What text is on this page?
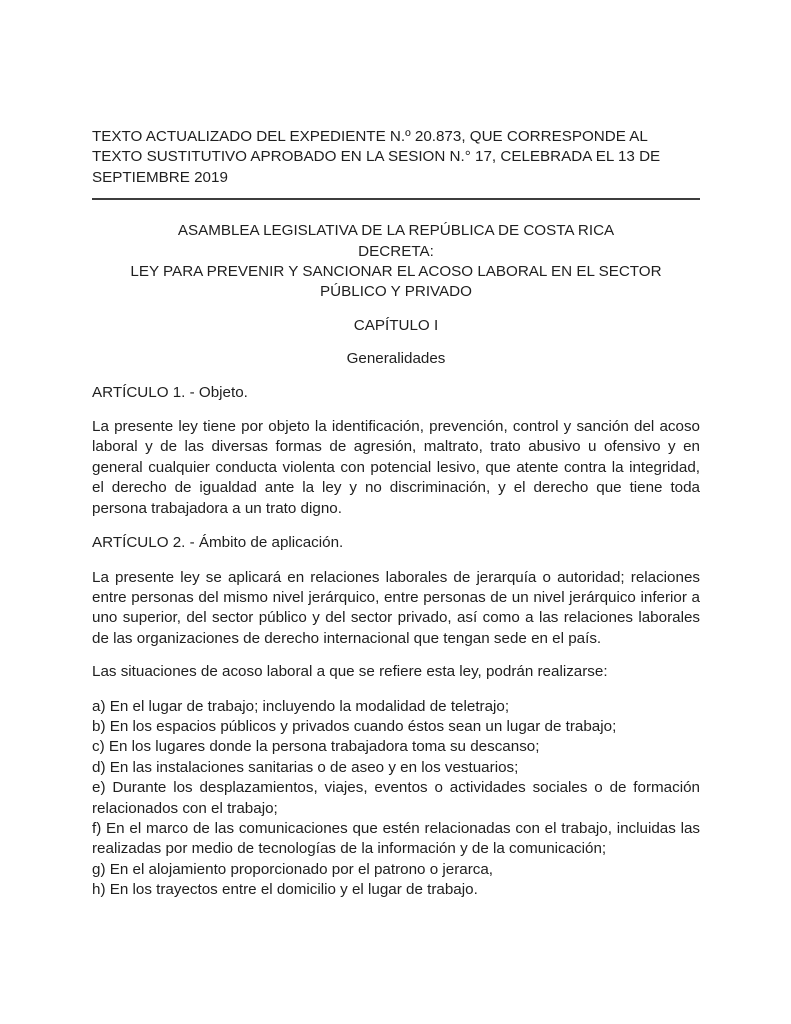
TEXTO ACTUALIZADO DEL EXPEDIENTE N.º 20.873, QUE CORRESPONDE AL

TEXTO SUSTITUTIVO APROBADO EN LA SESION N.° 17, CELEBRADA EL 13 DE

SEPTIEMBRE 2019

ASAMBLEA LEGISLATIVA DE LA REPÚBLICA DE COSTA RICA

DECRETA:

LEY PARA PREVENIR Y SANCIONAR EL ACOSO LABORAL EN EL SECTOR

PÚBLICO Y PRIVADO

CAPÍTULO I

Generalidades

ARTÍCULO 1. - Objeto.

La presente ley tiene por objeto la identificación, prevención, control y sanción del acoso laboral y de las diversas formas de agresión, maltrato, trato abusivo u ofensivo y en general cualquier conducta violenta con potencial lesivo, que atente contra la integridad, el derecho de igualdad ante la ley y no discriminación, y el derecho que tiene toda persona trabajadora a un trato digno.

ARTÍCULO 2. - Ámbito de aplicación.

La presente ley se aplicará en relaciones laborales de jerarquía o autoridad; relaciones entre personas del mismo nivel jerárquico, entre personas de un nivel jerárquico inferior a uno superior, del sector público y del sector privado, así como a las relaciones laborales de las organizaciones de derecho internacional que tengan sede en el país.

Las situaciones de acoso laboral a que se refiere esta ley, podrán realizarse:

a) En el lugar de trabajo; incluyendo la modalidad de teletrajo;

b) En los espacios públicos y privados cuando éstos sean un lugar de trabajo;

c) En los lugares donde la persona trabajadora toma su descanso;

d) En las instalaciones sanitarias o de aseo y en los vestuarios;

e) Durante los desplazamientos, viajes, eventos o actividades sociales o de formación relacionados con el trabajo;

f) En el marco de las comunicaciones que estén relacionadas con el trabajo, incluidas las realizadas por medio de tecnologías de la información y de la comunicación;

g) En el alojamiento proporcionado por el patrono o jerarca,

h) En los trayectos entre el domicilio y el lugar de trabajo.
